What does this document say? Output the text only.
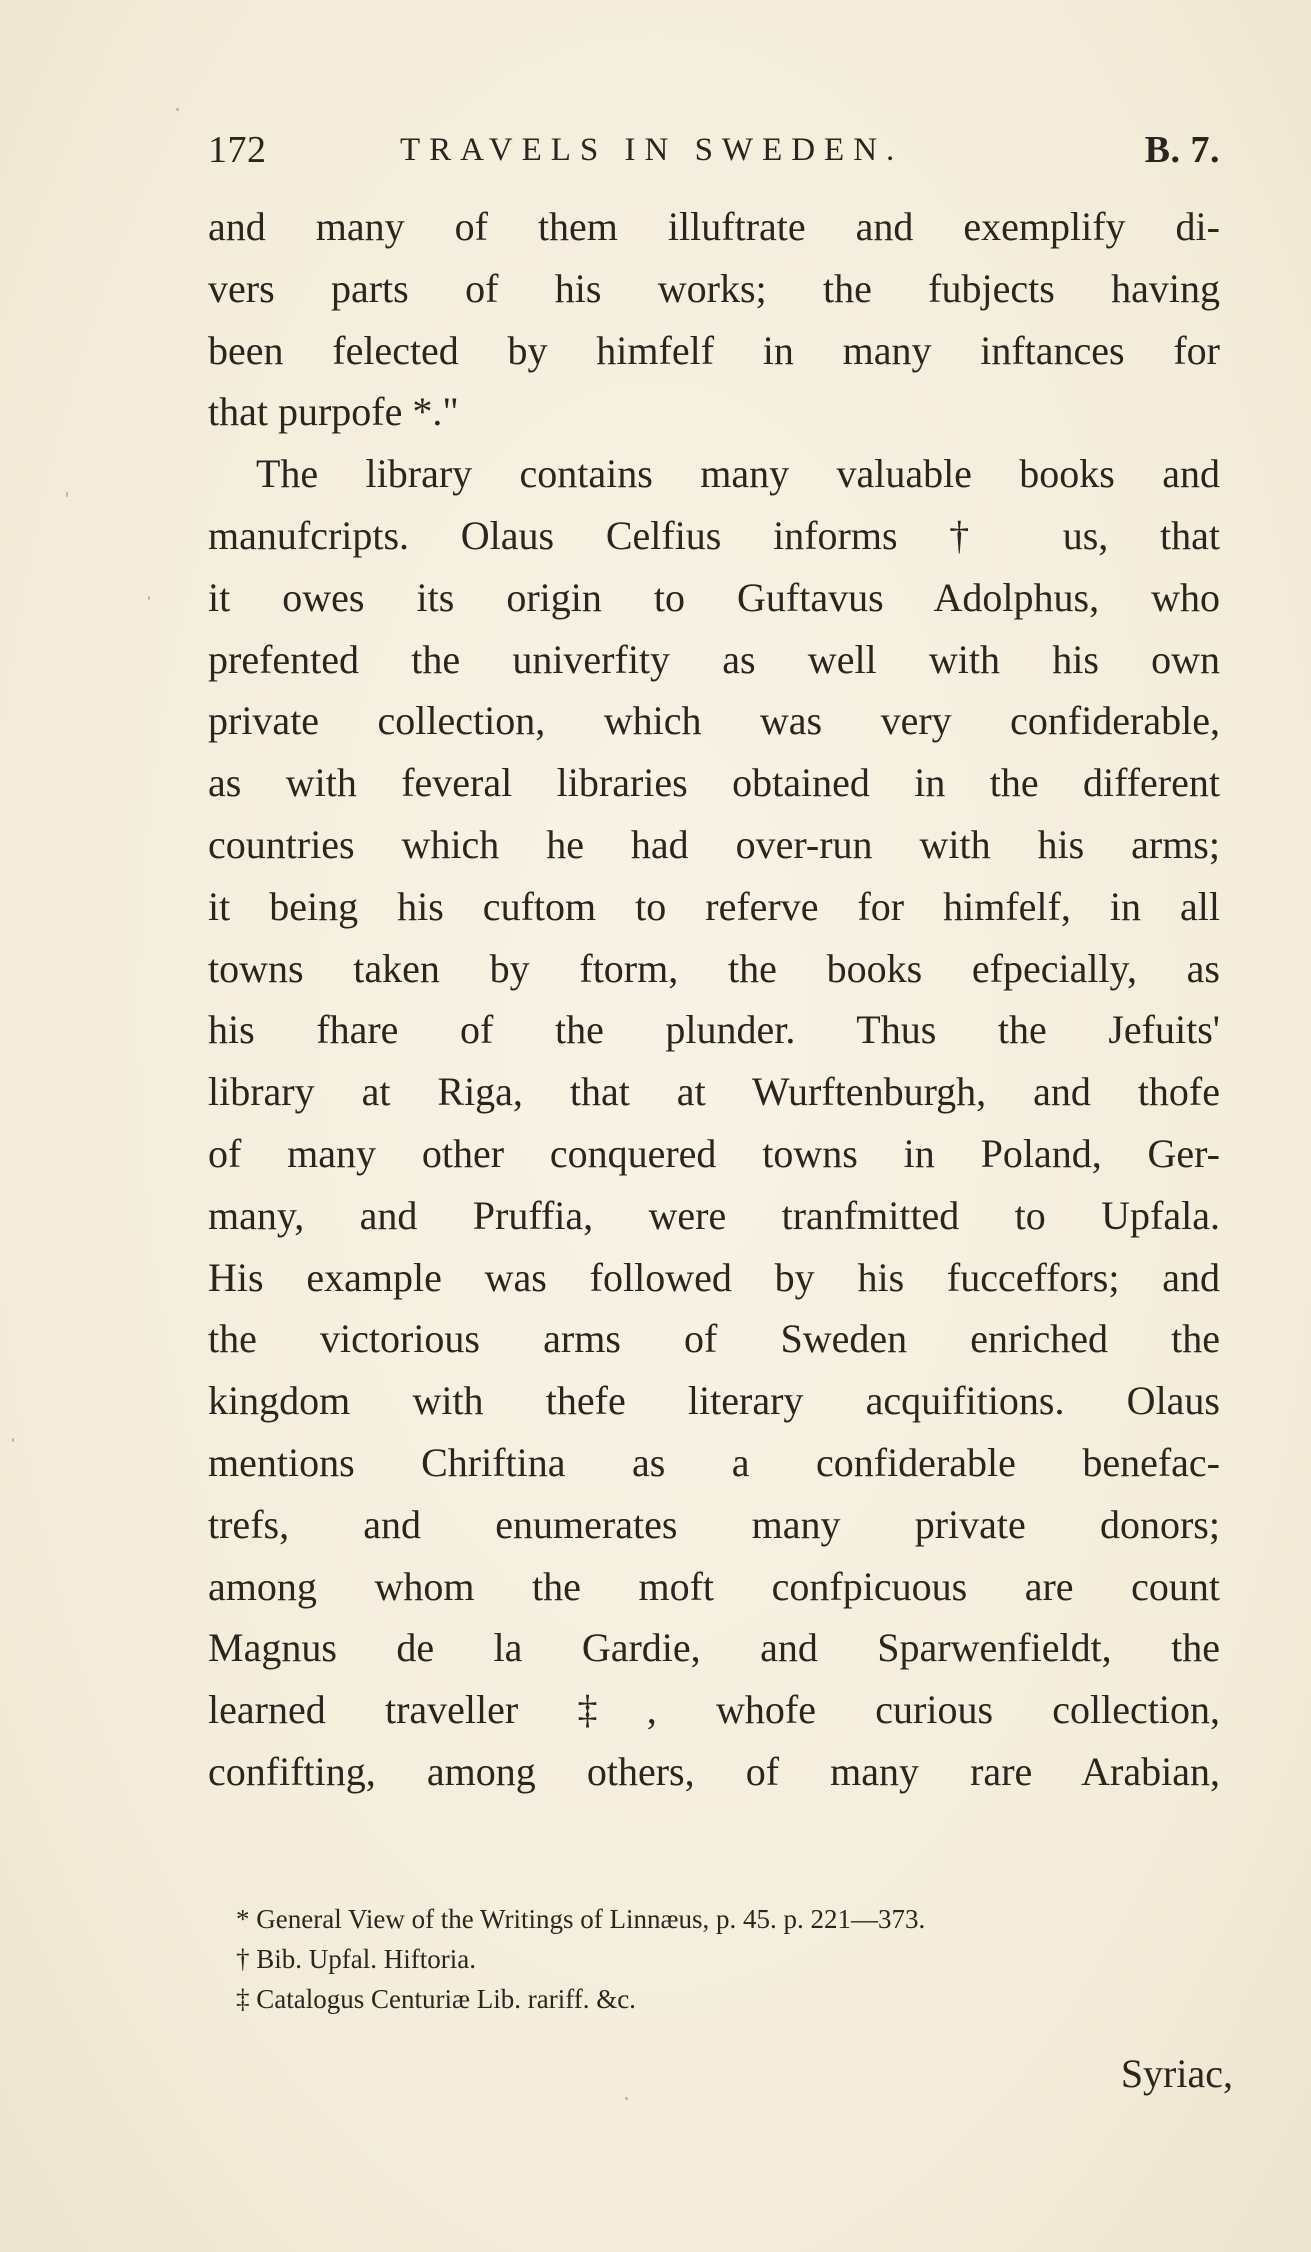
172	TRAVELS IN SWEDEN.	B. 7.
and many of them illuftrate and exemplify di-
vers parts of his works; the fubjects having
been felected by himfelf in many inftances for
that purpofe *."
The library contains many valuable books and
manufcripts. Olaus Celfius informs † us, that
it owes its origin to Guftavus Adolphus, who
prefented the univerfity as well with his own
private collection, which was very confiderable,
as with feveral libraries obtained in the different
countries which he had over-run with his arms;
it being his cuftom to referve for himfelf, in all
towns taken by ftorm, the books efpecially, as
his fhare of the plunder. Thus the Jefuits'
library at Riga, that at Wurftenburgh, and thofe
of many other conquered towns in Poland, Ger-
many, and Pruffia, were tranfmitted to Upfala.
His example was followed by his fucceffors; and
the victorious arms of Sweden enriched the
kingdom with thefe literary acquifitions. Olaus
mentions Chriftina as a confiderable benefac-
trefs, and enumerates many private donors;
among whom the moft confpicuous are count
Magnus de la Gardie, and Sparwenfieldt, the
learned traveller ‡, whofe curious collection,
confifting, among others, of many rare Arabian,
* General View of the Writings of Linnæus, p. 45. p. 221—373.
† Bib. Upfal. Hiftoria.
‡ Catalogus Centuriæ Lib. rariff. &c.
Syriac,
